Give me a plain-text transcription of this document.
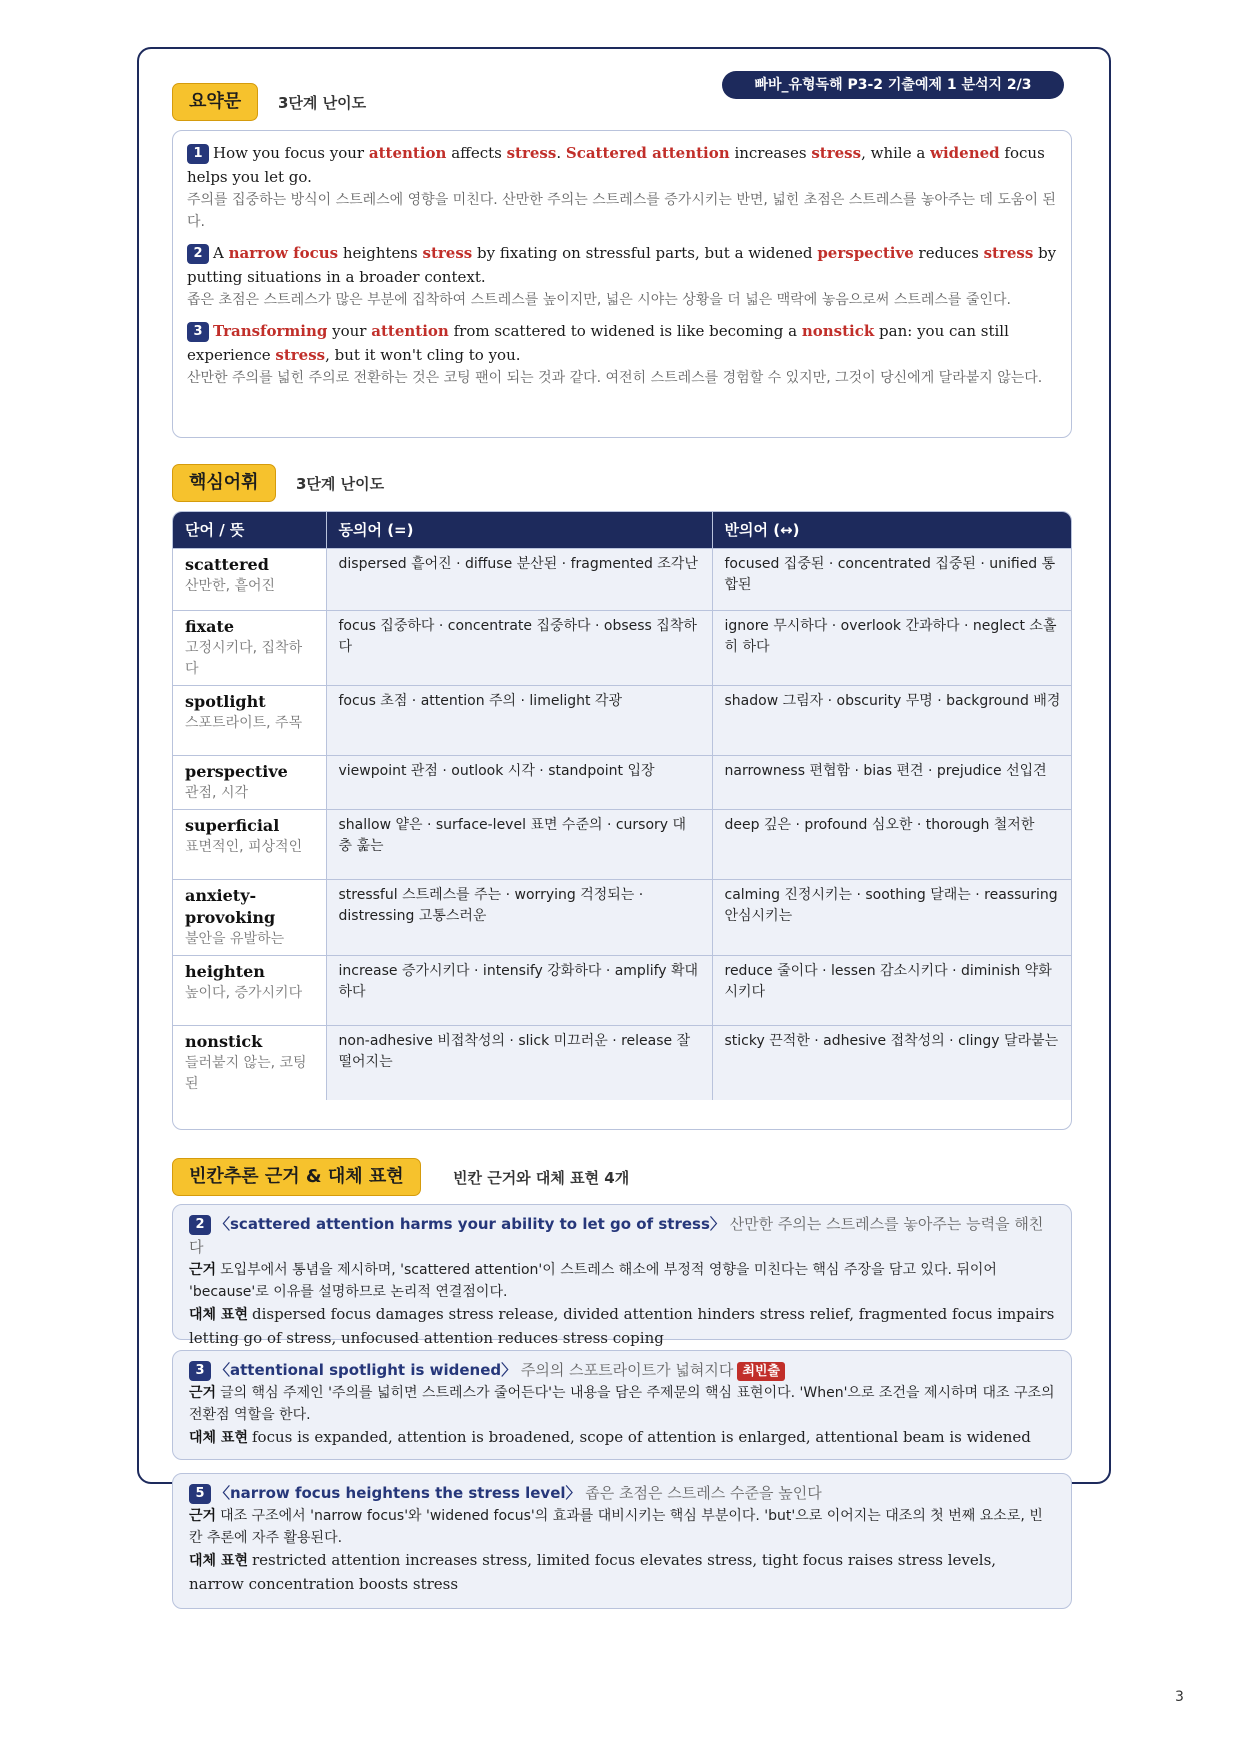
빠바_유형독해 P3-2 기출예제 1 분석지 2/3
요약문	3단계 난이도
1 How you focus your attention affects stress. Scattered attention increases stress, while a widened focus helps you let go.
주의를 집중하는 방식이 스트레스에 영향을 미친다. 산만한 주의는 스트레스를 증가시키는 반면, 넓힌 초점은 스트레스를 놓아주는 데 도움이 된다.
2 A narrow focus heightens stress by fixating on stressful parts, but a widened perspective reduces stress by putting situations in a broader context.
좁은 초점은 스트레스가 많은 부분에 집착하여 스트레스를 높이지만, 넓은 시야는 상황을 더 넓은 맥락에 놓음으로써 스트레스를 줄인다.
3 Transforming your attention from scattered to widened is like becoming a nonstick pan: you can still experience stress, but it won't cling to you.
산만한 주의를 넓힌 주의로 전환하는 것은 코팅 팬이 되는 것과 같다. 여전히 스트레스를 경험할 수 있지만, 그것이 당신에게 달라붙지 않는다.
핵심어휘	3단계 난이도
단어 / 뜻	동의어 (=)	반의어 (↔)

scattered
산만한, 흩어진	dispersed 흩어진 · diffuse 분산된 · fragmented 조각난	focused 집중된 · concentrated 집중된 · unified 통합된

fixate
고정시키다, 집착하다	focus 집중하다 · concentrate 집중하다 · obsess 집착하다	ignore 무시하다 · overlook 간과하다 · neglect 소홀히 하다

spotlight
스포트라이트, 주목	focus 초점 · attention 주의 · limelight 각광	shadow 그림자 · obscurity 무명 · background 배경

perspective
관점, 시각	viewpoint 관점 · outlook 시각 · standpoint 입장	narrowness 편협함 · bias 편견 · prejudice 선입견

superficial
표면적인, 피상적인	shallow 얕은 · surface-level 표면 수준의 · cursory 대충 훑는	deep 깊은 · profound 심오한 · thorough 철저한

anxiety-provoking
불안을 유발하는	stressful 스트레스를 주는 · worrying 걱정되는 · distressing 고통스러운	calming 진정시키는 · soothing 달래는 · reassuring 안심시키는

heighten
높이다, 증가시키다	increase 증가시키다 · intensify 강화하다 · amplify 확대하다	reduce 줄이다 · lessen 감소시키다 · diminish 약화시키다

nonstick
들러붙지 않는, 코팅된	non-adhesive 비접착성의 · slick 미끄러운 · release 잘 떨어지는	sticky 끈적한 · adhesive 접착성의 · clingy 달라붙는
빈칸추론 근거 & 대체 표현	빈칸 근거와 대체 표현 4개
2 〈scattered attention harms your ability to let go of stress〉 산만한 주의는 스트레스를 놓아주는 능력을 해친다
근거 도입부에서 통념을 제시하며, 'scattered attention'이 스트레스 해소에 부정적 영향을 미친다는 핵심 주장을 담고 있다. 뒤이어 'because'로 이유를 설명하므로 논리적 연결점이다.
대체 표현 dispersed focus damages stress release, divided attention hinders stress relief, fragmented focus impairs letting go of stress, unfocused attention reduces stress coping
3 〈attentional spotlight is widened〉 주의의 스포트라이트가 넓혀지다 최빈출
근거 글의 핵심 주제인 '주의를 넓히면 스트레스가 줄어든다'는 내용을 담은 주제문의 핵심 표현이다. 'When'으로 조건을 제시하며 대조 구조의 전환점 역할을 한다.
대체 표현 focus is expanded, attention is broadened, scope of attention is enlarged, attentional beam is widened
5 〈narrow focus heightens the stress level〉 좁은 초점은 스트레스 수준을 높인다
근거 대조 구조에서 'narrow focus'와 'widened focus'의 효과를 대비시키는 핵심 부분이다. 'but'으로 이어지는 대조의 첫 번째 요소로, 빈칸 추론에 자주 활용된다.
대체 표현 restricted attention increases stress, limited focus elevates stress, tight focus raises stress levels, narrow concentration boosts stress
3
